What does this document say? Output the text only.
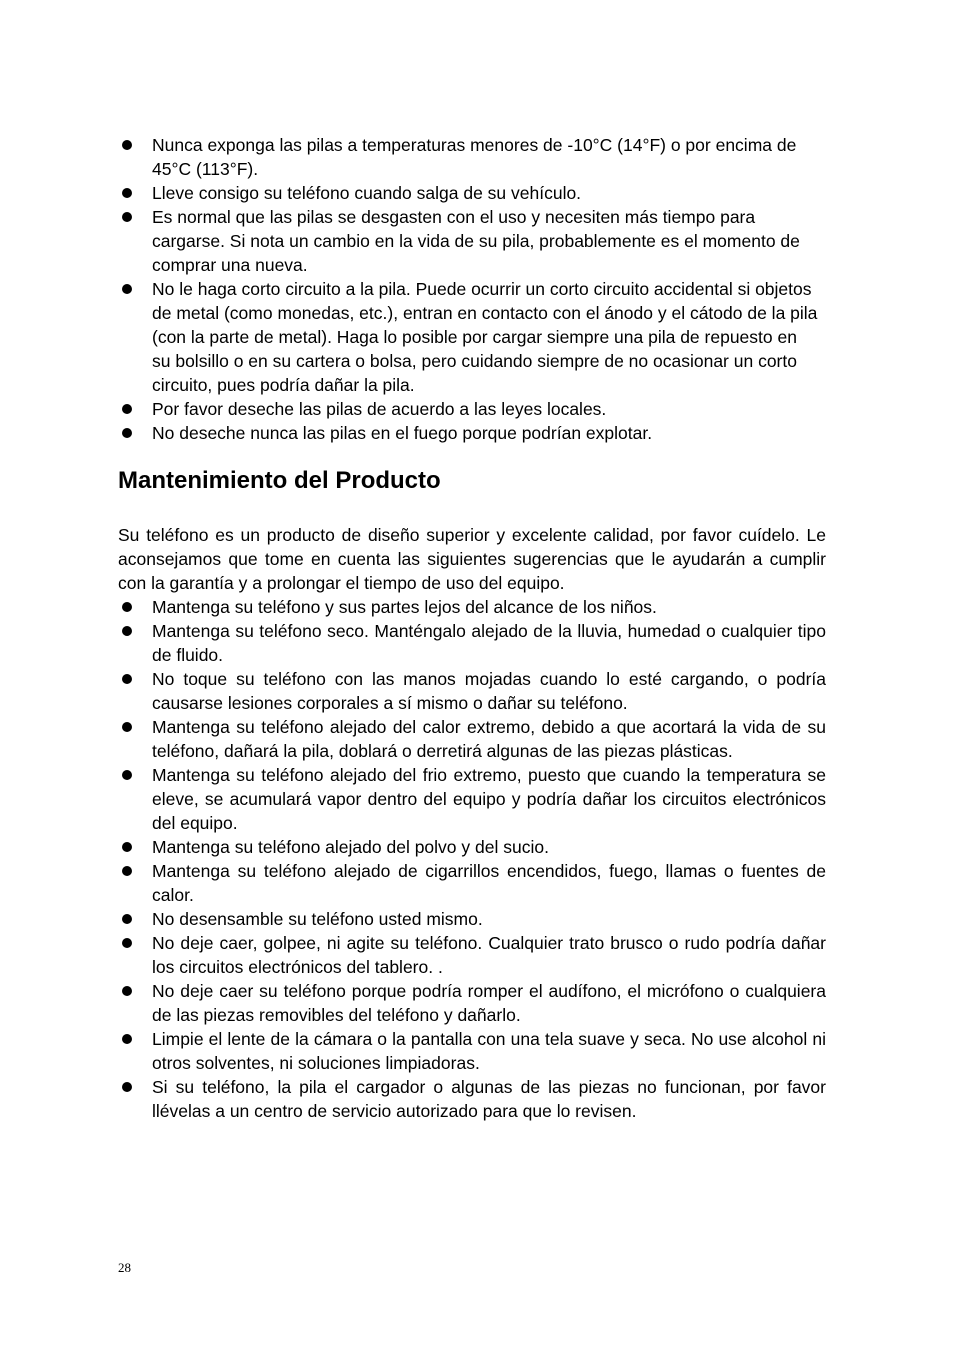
Nunca exponga las pilas a temperaturas menores de -10°C (14°F) o por encima de 45°C (113°F).
Lleve consigo su teléfono cuando salga de su vehículo.
Es normal que las pilas se desgasten con el uso y necesiten más tiempo para cargarse. Si nota un cambio en la vida de su pila, probablemente es el momento de comprar una nueva.
No le haga corto circuito a la pila. Puede ocurrir un corto circuito accidental si objetos de metal (como monedas, etc.), entran en contacto con el ánodo y el cátodo de la pila (con la parte de metal). Haga lo posible por cargar siempre una pila de repuesto en su bolsillo o en su cartera o bolsa, pero cuidando siempre de no ocasionar un corto circuito, pues podría dañar la pila.
Por favor deseche las pilas de acuerdo a las leyes locales.
No deseche nunca las pilas en el fuego porque podrían explotar.
Mantenimiento del Producto

Su teléfono es un producto de diseño superior y excelente calidad, por favor cuídelo. Le aconsejamos que tome en cuenta las siguientes sugerencias que le ayudarán a cumplir con la garantía y a prolongar el tiempo de uso del equipo.

Mantenga su teléfono y sus partes lejos del alcance de los niños.
Mantenga su teléfono seco. Manténgalo alejado de la lluvia, humedad o cualquier tipo de fluido.
No toque su teléfono con las manos mojadas cuando lo esté cargando, o podría causarse lesiones corporales a sí mismo o dañar su teléfono.
Mantenga su teléfono alejado del calor extremo, debido a que acortará la vida de su teléfono, dañará la pila, doblará o derretirá algunas de las piezas plásticas.
Mantenga su teléfono alejado del frio extremo, puesto que cuando la temperatura se eleve, se acumulará vapor dentro del equipo y podría dañar los circuitos electrónicos del equipo.
Mantenga su teléfono alejado del polvo y del sucio.
Mantenga su teléfono alejado de cigarrillos encendidos, fuego, llamas o fuentes de calor.
No desensamble su teléfono usted mismo.
No deje caer, golpee, ni agite su teléfono. Cualquier trato brusco o rudo podría dañar los circuitos electrónicos del tablero. .
No deje caer su teléfono porque podría romper el audífono, el micrófono o cualquiera de las piezas removibles del teléfono y dañarlo.
Limpie el lente de la cámara o la pantalla con una tela suave y seca. No use alcohol ni otros solventes, ni soluciones limpiadoras.
Si su teléfono, la pila el cargador o algunas de las piezas no funcionan, por favor llévelas a un centro de servicio autorizado para que lo revisen.
28
